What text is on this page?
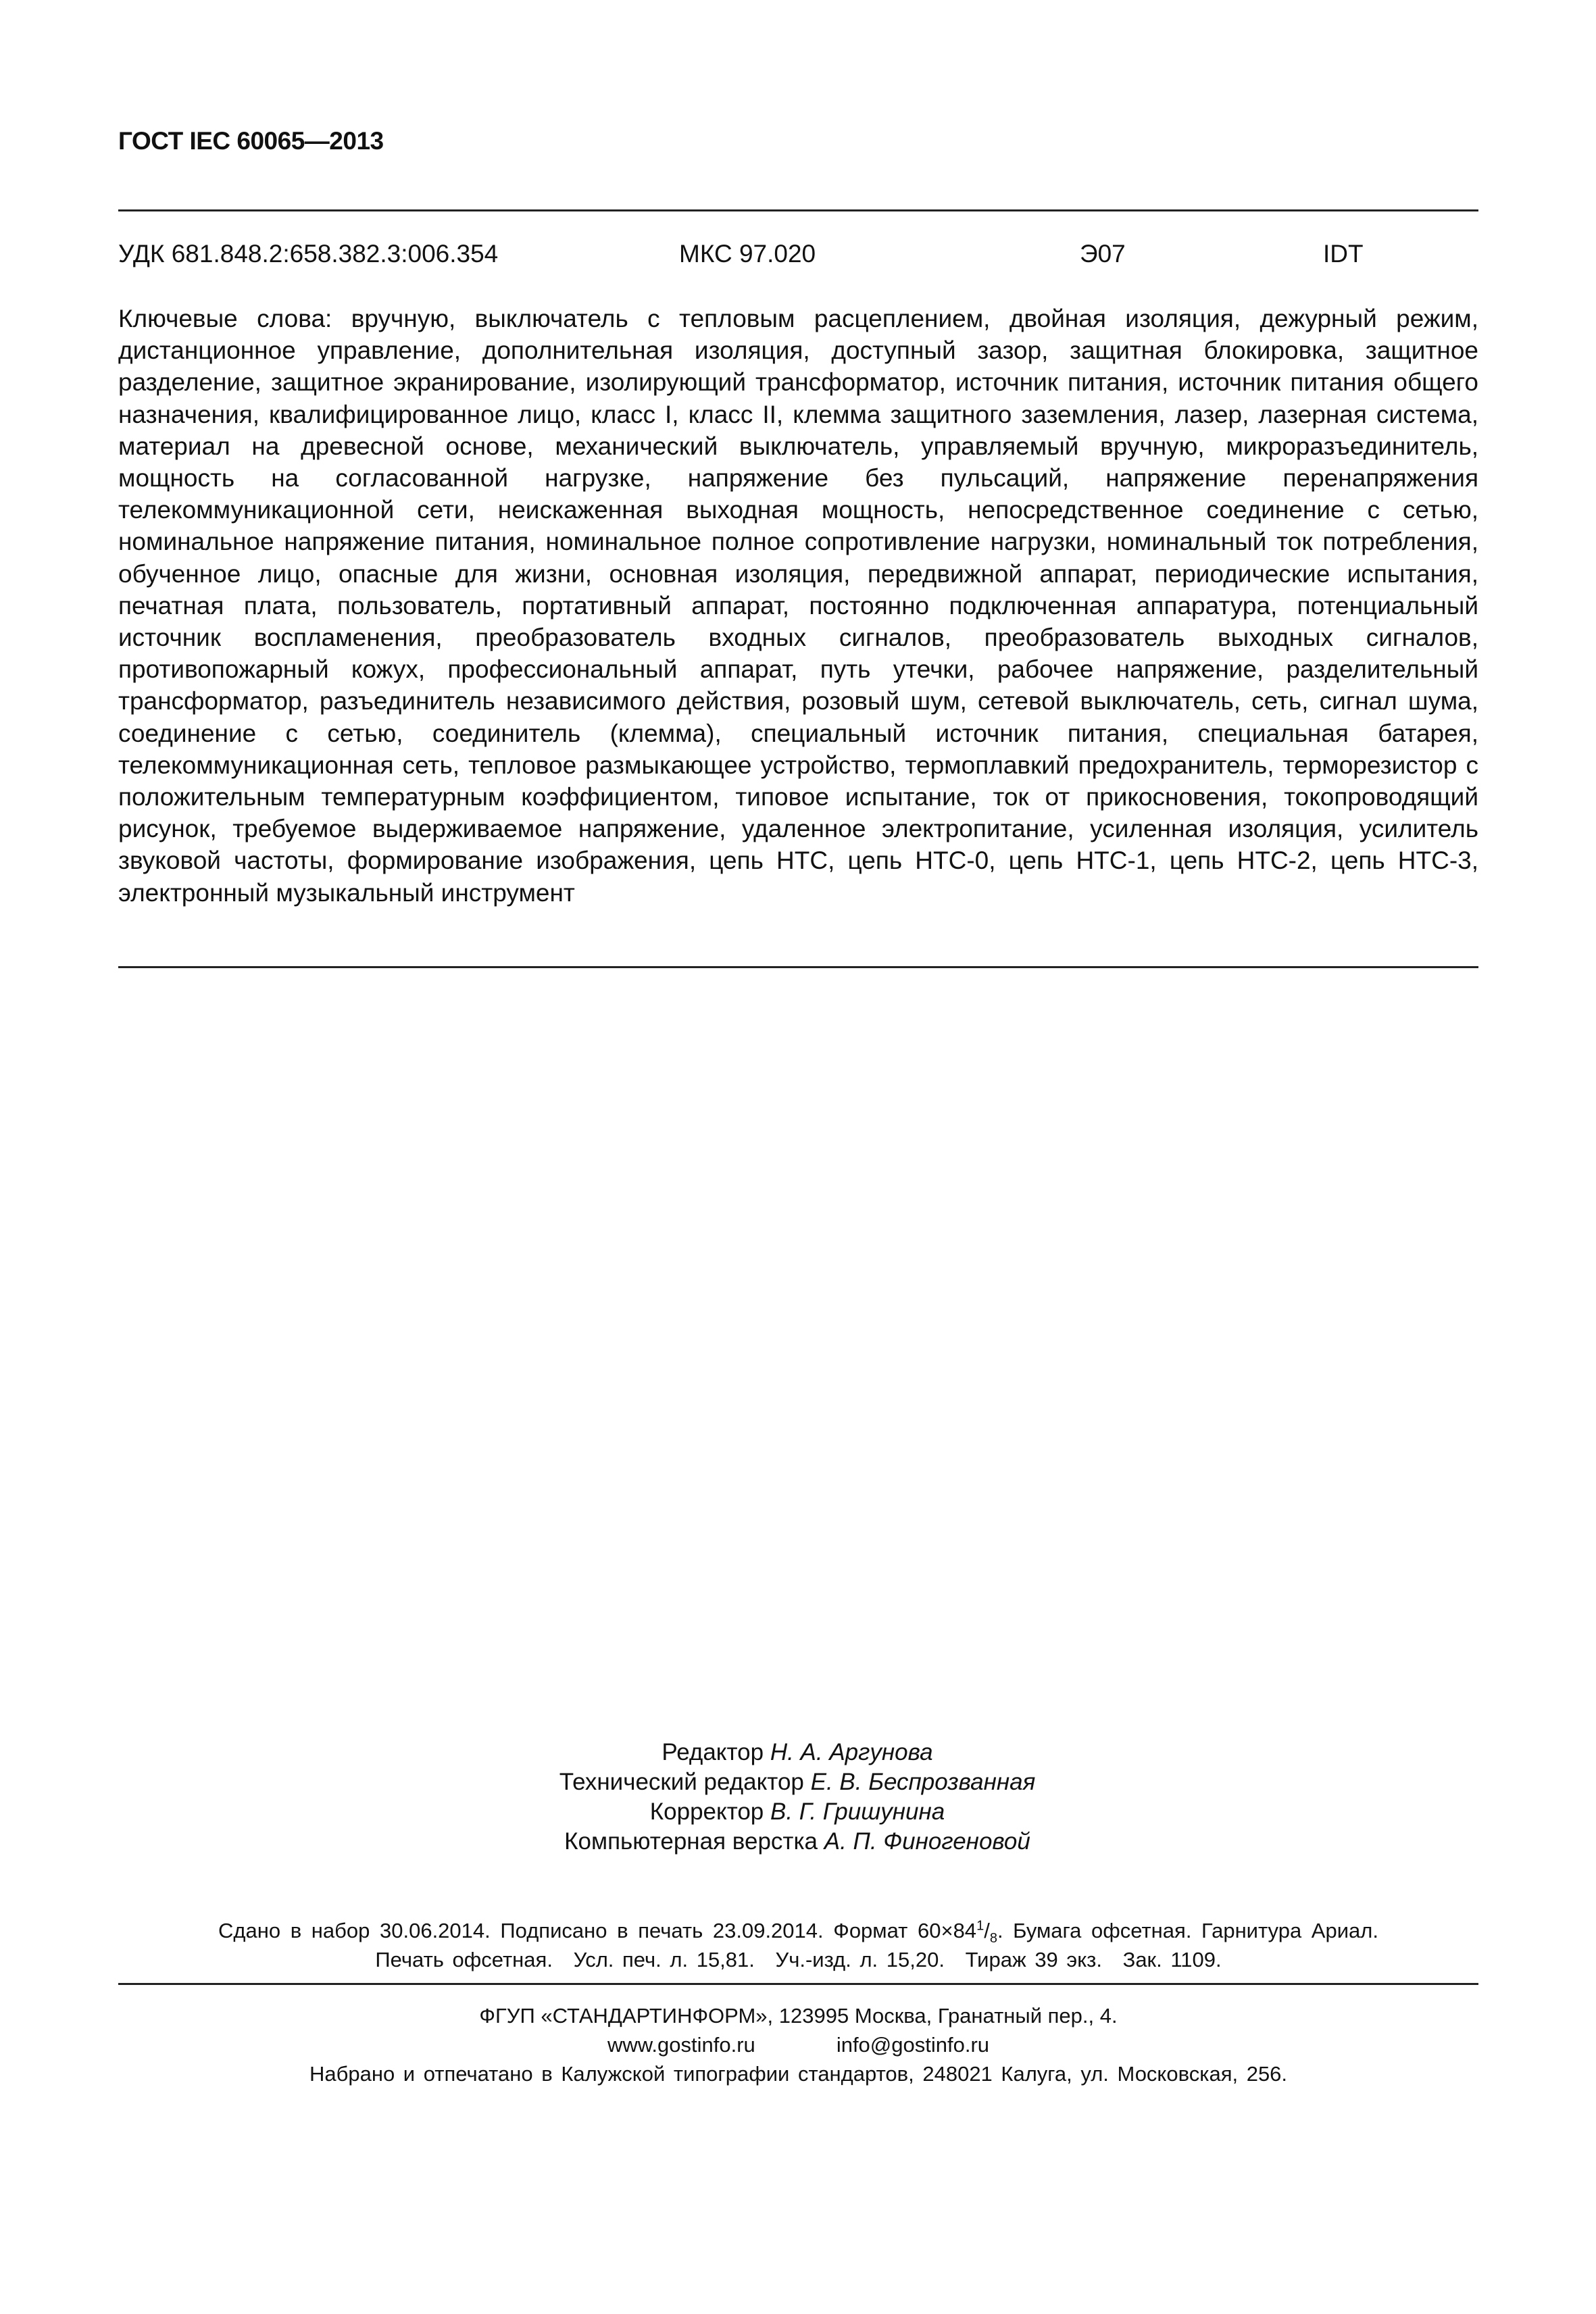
ГОСТ IEC 60065—2013
УДК 681.848.2:658.382.3:006.354	МКС 97.020	Э07	IDT
Ключевые слова: вручную, выключатель с тепловым расцеплением, двойная изоляция, дежурный режим, дистанционное управление, дополнительная изоляция, доступный зазор, защитная блокировка, защитное разделение, защитное экранирование, изолирующий трансформатор, источник питания, источник питания общего назначения, квалифицированное лицо, класс I, класс II, клемма защитного заземления, лазер, лазерная система, материал на древесной основе, механический выключатель, управляемый вручную, микроразъединитель, мощность на согласованной нагрузке, напряжение без пульсаций, напряжение перенапряжения телекоммуникационной сети, неискаженная выходная мощность, непосредственное соединение с сетью, номинальное напряжение питания, номинальное полное сопротивление нагрузки, номинальный ток потребления, обученное лицо, опасные для жизни, основная изоляция, передвижной аппарат, периодические испытания, печатная плата, пользователь, портативный аппарат, постоянно подключенная аппаратура, потенциальный источник воспламенения, преобразователь входных сигналов, преобразователь выходных сигналов, противопожарный кожух, профессиональный аппарат, путь утечки, рабочее напряжение, разделительный трансформатор, разъединитель независимого действия, розовый шум, сетевой выключатель, сеть, сигнал шума, соединение с сетью, соединитель (клемма), специальный источник питания, специальная батарея, телекоммуникационная сеть, тепловое размыкающее устройство, термоплавкий предохранитель, терморезистор с положительным температурным коэффициентом, типовое испытание, ток от прикосновения, токопроводящий рисунок, требуемое выдерживаемое напряжение, удаленное электропитание, усиленная изоляция, усилитель звуковой частоты, формирование изображения, цепь НТС, цепь НТС-0, цепь НТС-1, цепь НТС-2, цепь НТС-3, электронный музыкальный инструмент
Редактор Н. А. Аргунова
Технический редактор Е. В. Беспрозванная
Корректор В. Г. Гришунина
Компьютерная верстка А. П. Финогеновой
Сдано в набор 30.06.2014. Подписано в печать 23.09.2014. Формат $60\times 84^1/_8$. Бумага офсетная. Гарнитура Ариал.
Печать офсетная. Усл. печ. л. 15,81. Уч.-изд. л. 15,20. Тираж 39 экз. Зак. 1109.
ФГУП «СТАНДАРТИНФОРМ», 123995 Москва, Гранатный пер., 4.
www.gostinfo.ru	info@gostinfo.ru
Набрано и отпечатано в Калужской типографии стандартов, 248021 Калуга, ул. Московская, 256.
